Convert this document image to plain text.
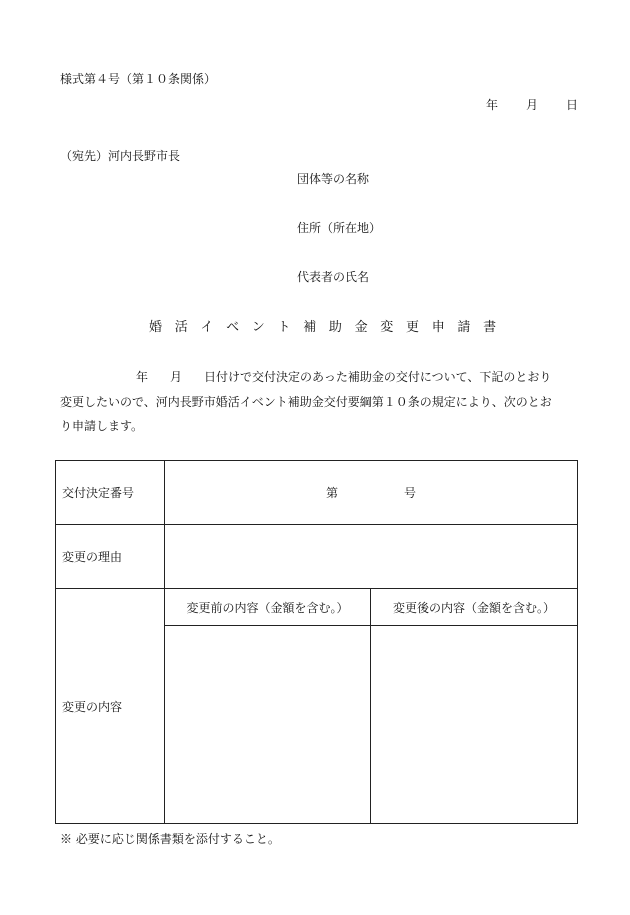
様式第４号（第１０条関係）
年 月 日
（宛先）河内長野市長
団体等の名称
住所（所在地）
代表者の氏名
婚活イベント補助金変更申請書
年 月 日付けで交付決定のあった補助金の交付について、下記のとおり
変更したいので、河内長野市婚活イベント補助金交付要綱第１０条の規定により、次のとお
り申請します。
交付決定番号	第 号	
変更の理由		
変更の内容	変更前の内容（金額を含む。）	変更後の内容（金額を含む。）

※ 必要に応じ関係書類を添付すること。
